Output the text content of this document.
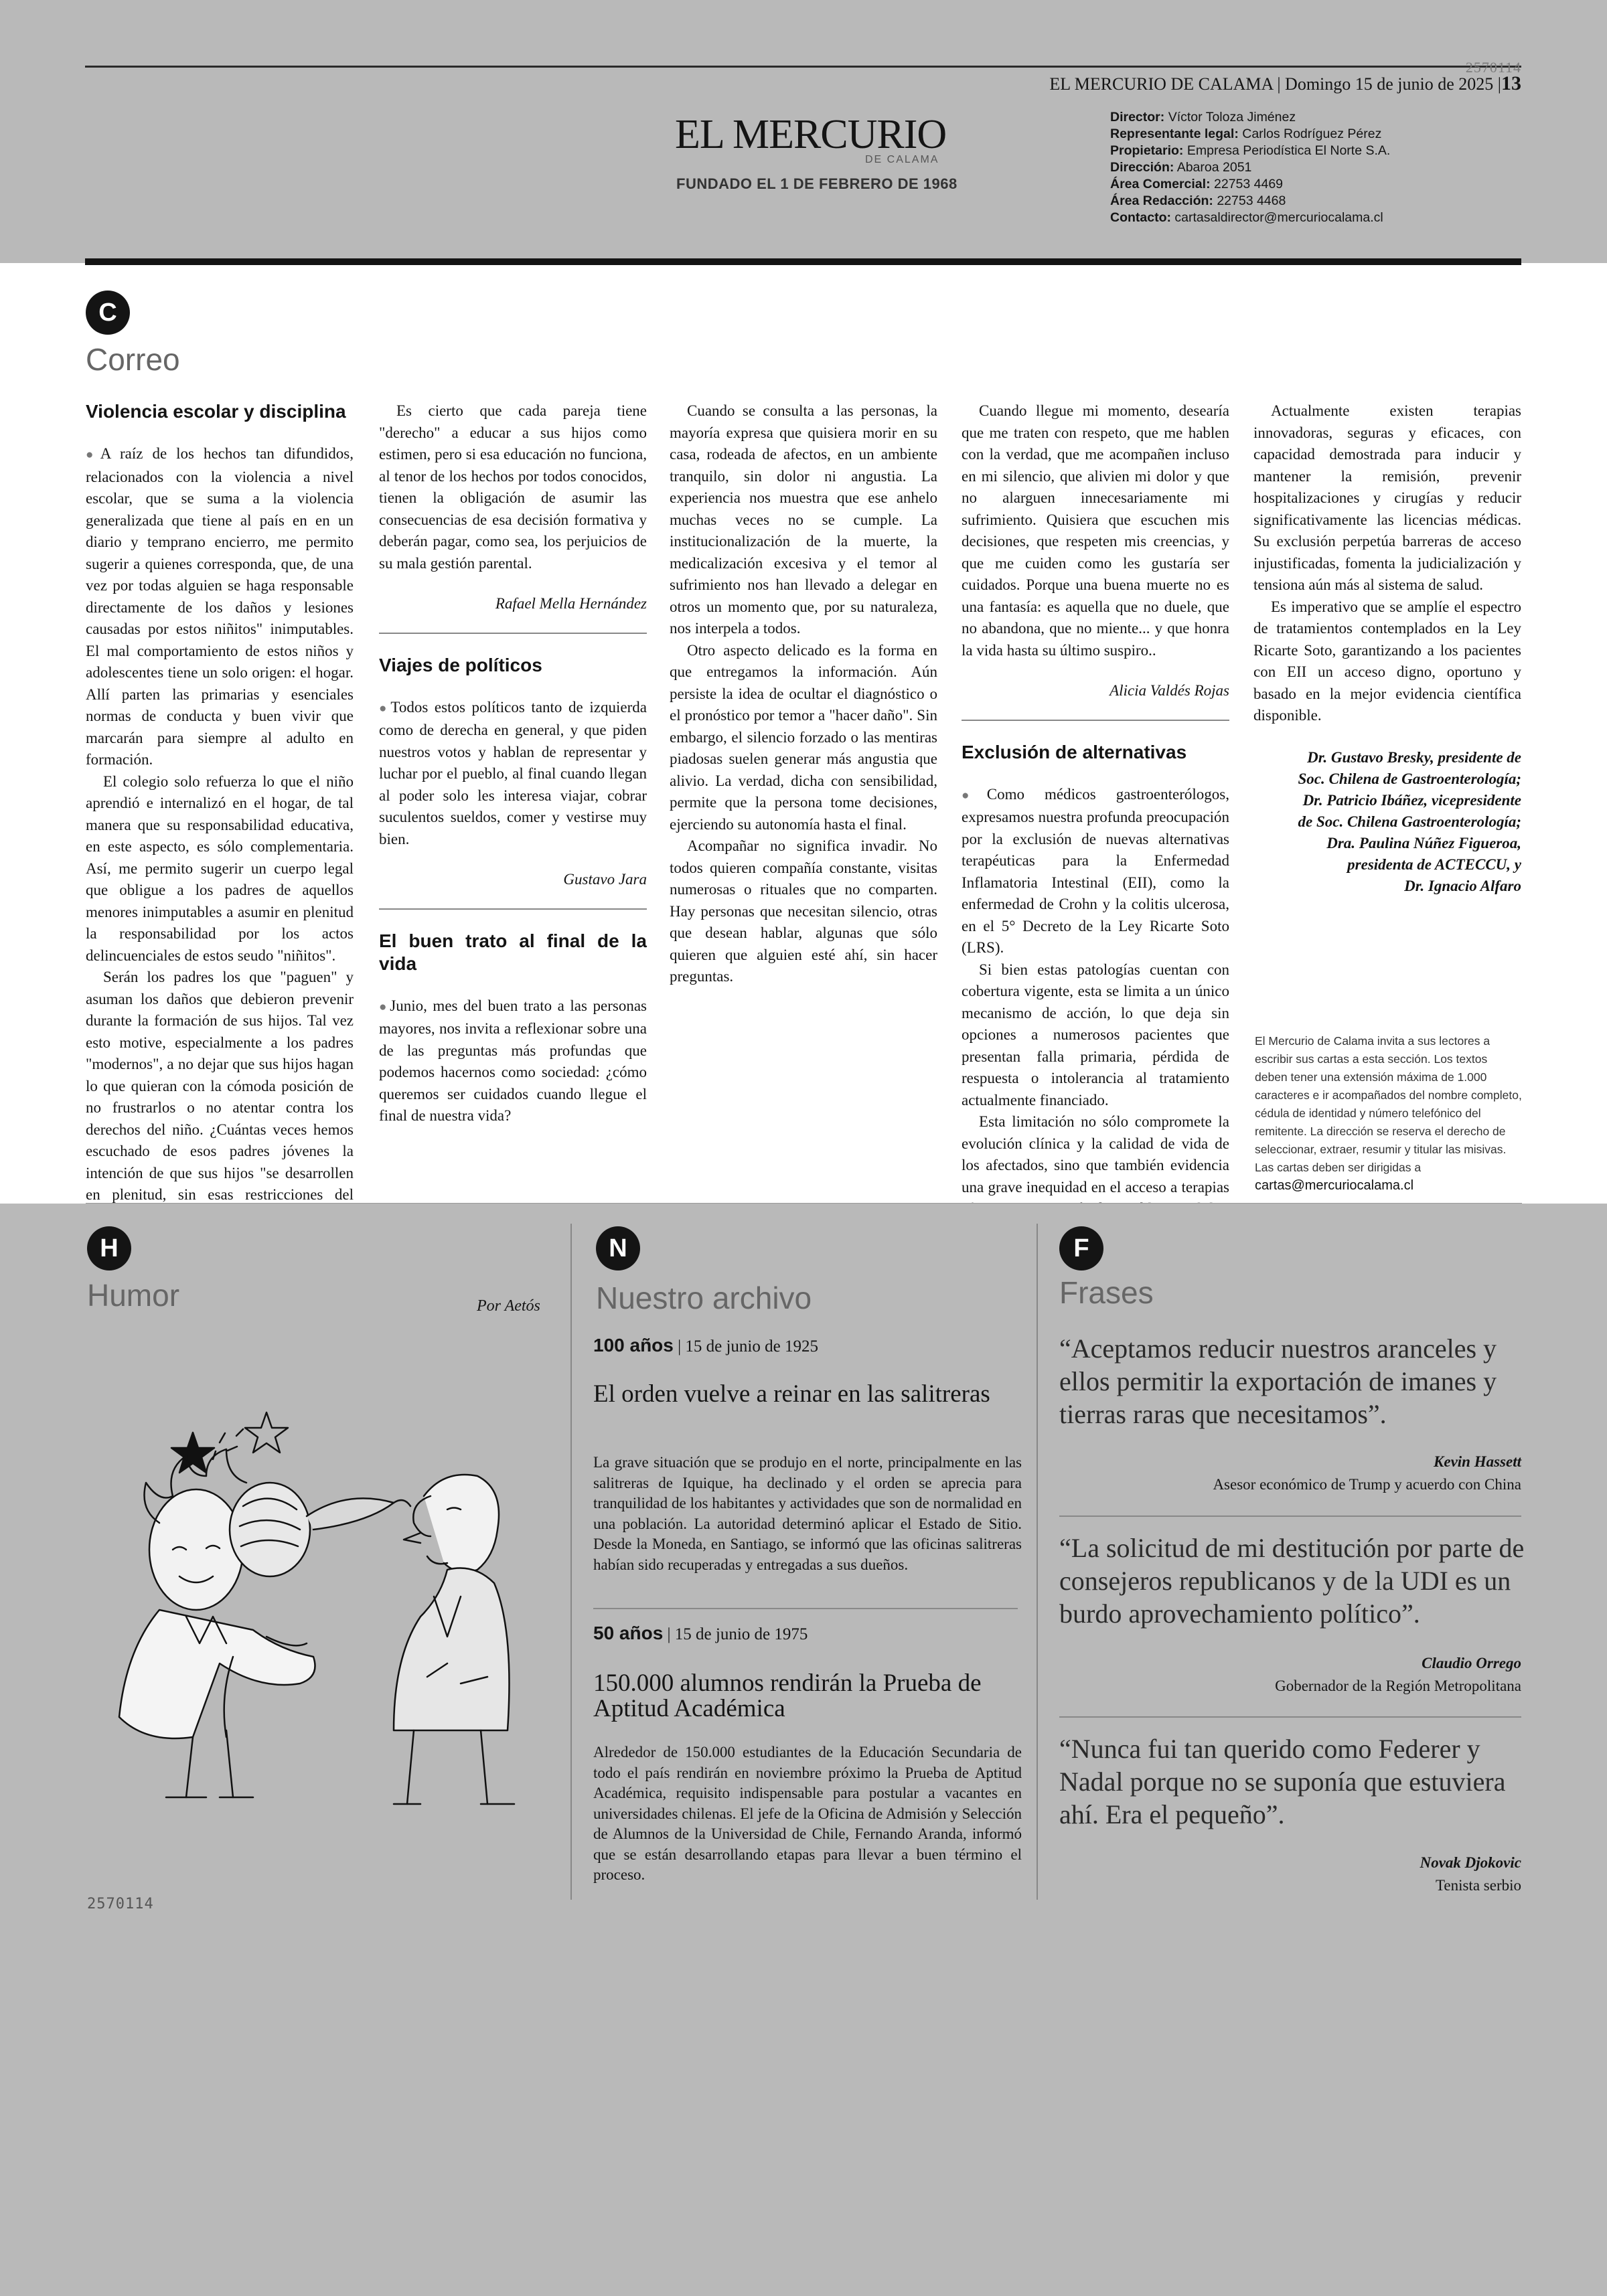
2570114
EL MERCURIO DE CALAMA | Domingo 15 de junio de 2025 |13
EL MERCURIO
DE CALAMA
FUNDADO EL 1 DE FEBRERO DE 1968
Director: Víctor Toloza Jiménez
Representante legal: Carlos Rodríguez Pérez
Propietario: Empresa Periodística El Norte S.A.
Dirección: Abaroa 2051
Área Comercial: 22753 4469
Área Redacción: 22753 4468
Contacto: cartasaldirector@mercuriocalama.cl
C
Correo
Violencia escolar y disciplina

● A raíz de los hechos tan difundidos, relacionados con la violencia a nivel escolar, que se suma a la violencia generalizada que tiene al país en en un diario y temprano encierro, me permito sugerir a quienes corresponda, que, de una vez por todas alguien se haga responsable directamente de los daños y lesiones causadas por estos niñitos" inimputables. El mal comportamiento de estos niños y adolescentes tiene un solo origen: el hogar. Allí parten las primarias y esenciales normas de conducta y buen vivir que marcarán para siempre al adulto en formación.

El colegio solo refuerza lo que el niño aprendió e internalizó en el hogar, de tal manera que su responsabilidad educativa, en este aspecto, es sólo complementaria. Así, me permito sugerir un cuerpo legal que obligue a los padres de aquellos menores inimputables a asumir en plenitud la responsabilidad por los actos delincuenciales de estos seudo "niñitos".

Serán los padres los que "paguen" y asuman los daños que debieron prevenir durante la formación de sus hijos. Tal vez esto motive, especialmente a los padres "modernos", a no dejar que sus hijos hagan lo que quieran con la cómoda posición de no frustrarlos o no atentar contra los derechos del niño. ¿Cuántas veces hemos escuchado de esos padres jóvenes la intención de que sus hijos "se desarrollen en plenitud, sin esas restricciones del

Es cierto que cada pareja tiene "derecho" a educar a sus hijos como estimen, pero si esa educación no funciona, al tenor de los hechos por todos conocidos, tienen la obligación de asumir las consecuencias de esa decisión formativa y deberán pagar, como sea, los perjuicios de su mala gestión parental.

Rafael Mella Hernández
Viajes de políticos

● Todos estos políticos tanto de izquierda como de derecha en general, y que piden nuestros votos y hablan de representar y luchar por el pueblo, al final cuando llegan al poder solo les interesa viajar, cobrar suculentos sueldos, comer y vestirse muy bien.

Gustavo Jara
El buen trato al final de la vida

● Junio, mes del buen trato a las personas mayores, nos invita a reflexionar sobre una de las preguntas más profundas que podemos hacernos como sociedad: ¿cómo queremos ser cuidados cuando llegue el final de nuestra vida?

Cuando se consulta a las personas, la mayoría expresa que quisiera morir en su casa, rodeada de afectos, en un ambiente tranquilo, sin dolor ni angustia. La experiencia nos muestra que ese anhelo muchas veces no se cumple. La institucionalización de la muerte, la medicalización excesiva y el temor al sufrimiento nos han llevado a delegar en otros un momento que, por su naturaleza, nos interpela a todos.

Otro aspecto delicado es la forma en que entregamos la información. Aún persiste la idea de ocultar el diagnóstico o el pronóstico por temor a "hacer daño". Sin embargo, el silencio forzado o las mentiras piadosas suelen generar más angustia que alivio. La verdad, dicha con sensibilidad, permite que la persona tome decisiones, ejerciendo su autonomía hasta el final.

Acompañar no significa invadir. No todos quieren compañía constante, visitas numerosas o rituales que no comparten. Hay personas que necesitan silencio, otras que desean hablar, algunas que sólo quieren que alguien esté ahí, sin hacer preguntas.

Cuando llegue mi momento, desearía que me traten con respeto, que me hablen con la verdad, que me acompañen incluso en mi silencio, que alivien mi dolor y que no alarguen innecesariamente mi sufrimiento. Quisiera que escuchen mis decisiones, que respeten mis creencias, y que me cuiden como les gustaría ser cuidados. Porque una buena muerte no es una fantasía: es aquella que no duele, que no abandona, que no miente... y que honra la vida hasta su último suspiro..

Alicia Valdés Rojas
Exclusión de alternativas

● Como médicos gastroenterólogos, expresamos nuestra profunda preocupación por la exclusión de nuevas alternativas terapéuticas para la Enfermedad Inflamatoria Intestinal (EII), como la enfermedad de Crohn y la colitis ulcerosa, en el 5° Decreto de la Ley Ricarte Soto (LRS).

Si bien estas patologías cuentan con cobertura vigente, esta se limita a un único mecanismo de acción, lo que deja sin opciones a numerosos pacientes que presentan falla primaria, pérdida de respuesta o intolerancia al tratamiento actualmente financiado.

Esta limitación no sólo compromete la evolución clínica y la calidad de vida de los afectados, sino que también evidencia una grave inequidad en el acceso a terapias

Actualmente existen terapias innovadoras, seguras y eficaces, con capacidad demostrada para inducir y mantener la remisión, prevenir hospitalizaciones y cirugías y reducir significativamente las licencias médicas. Su exclusión perpetúa barreras de acceso injustificadas, fomenta la judicialización y tensiona aún más al sistema de salud.

Es imperativo que se amplíe el espectro de tratamientos contemplados en la Ley Ricarte Soto, garantizando a los pacientes con EII un acceso digno, oportuno y basado en la mejor evidencia científica disponible.

Dr. Gustavo Bresky, presidente de
Soc. Chilena de Gastroenterología;
Dr. Patricio Ibáñez, vicepresidente
de Soc. Chilena Gastroenterología;
Dra. Paulina Núñez Figueroa,
presidenta de ACTECCU, y
Dr. Ignacio Alfaro
El Mercurio de Calama invita a sus lectores a escribir sus cartas a esta sección. Los textos deben tener una extensión máxima de 1.000 caracteres e ir acompañados del nombre completo, cédula de identidad y número telefónico del remitente. La dirección se reserva el derecho de seleccionar, extraer, resumir y titular las misivas. Las cartas deben ser dirigidas a cartas@mercuriocalama.cl
H
Humor	Por Aetós
2570114
N
Nuestro archivo
100 años | 15 de junio de 1925
El orden vuelve a reinar en las salitreras
La grave situación que se produjo en el norte, principalmente en las salitreras de Iquique, ha declinado y el orden se aprecia para tranquilidad de los habitantes y actividades que son de normalidad en una población. La autoridad determinó aplicar el Estado de Sitio. Desde la Moneda, en Santiago, se informó que las oficinas salitreras habían sido recuperadas y entregadas a sus dueños.
50 años | 15 de junio de 1975
150.000 alumnos rendirán la Prueba de Aptitud Académica
Alrededor de 150.000 estudiantes de la Educación Secundaria de todo el país rendirán en noviembre próximo la Prueba de Aptitud Académica, requisito indispensable para postular a vacantes en universidades chilenas. El jefe de la Oficina de Admisión y Selección de Alumnos de la Universidad de Chile, Fernando Aranda, informó que se están desarrollando etapas para llevar a buen término el proceso.
F
Frases
“Aceptamos reducir nuestros aranceles y ellos permitir la exportación de imanes y tierras raras que necesitamos”.
Kevin Hassett
Asesor económico de Trump y acuerdo con China
“La solicitud de mi destitución por parte de consejeros republicanos y de la UDI es un burdo aprovechamiento político”.
Claudio Orrego
Gobernador de la Región Metropolitana
“Nunca fui tan querido como Federer y Nadal porque no se suponía que estuviera ahí. Era el pequeño”.
Novak Djokovic
Tenista serbio
